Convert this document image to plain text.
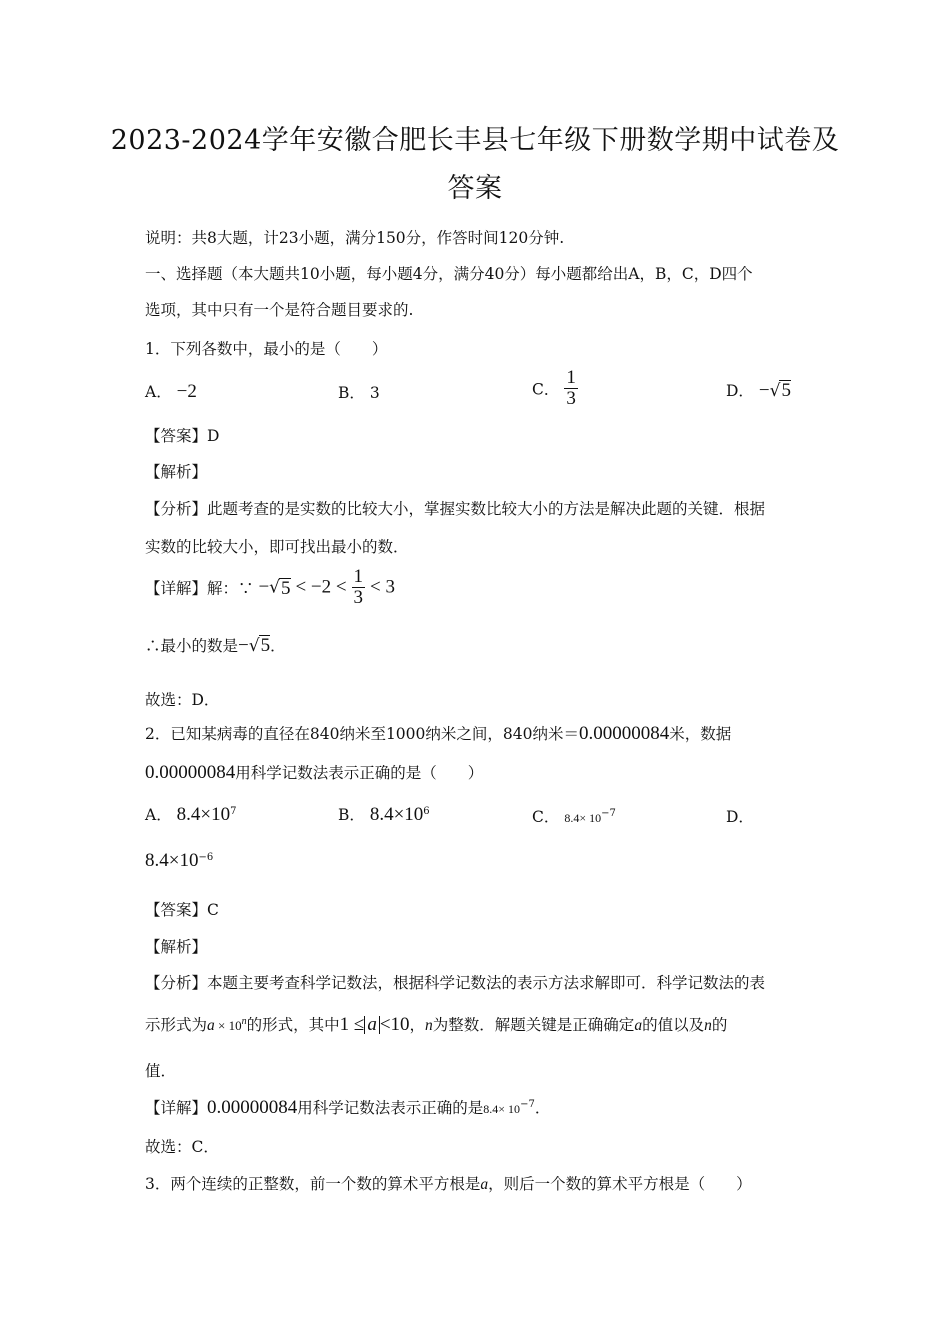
2023-2024学年安徽合肥长丰县七年级下册数学期中试卷及
答案
说明：共8大题，计23小题，满分150分，作答时间120分钟.
一、选择题（本大题共10小题，每小题4分，满分40分）每小题都给出A，B，C，D四个
选项，其中只有一个是符合题目要求的.
1．下列各数中，最小的是（　　）
A． −2	B． 3	C． $\frac{1}{3}$	D． −√5
【答案】D
【解析】
【分析】此题考查的是实数的比较大小，掌握实数比较大小的方法是解决此题的关键．根据
实数的比较大小，即可找出最小的数．
【详解】解：∵ $-√5 < -2 < \frac{1}{3} < 3$
∴最小的数是−√5．
故选：D．
2．已知某病毒的直径在840纳米至1000纳米之间，840纳米＝0.00000084米，数据
0.00000084用科学记数法表示正确的是（　　）
A． $8.4\times 10^7$	B． $8.4\times 10^6$	C． $8.4\times 10^{-7}$	D．
$8.4\times 10^{-6}$
【答案】C
【解析】
【分析】本题主要考查科学记数法，根据科学记数法的表示方法求解即可．科学记数法的表
示形式为$a \times 10^n$的形式，其中1 ≤ a <10，n为整数．解题关键是正确确定a的值以及n的
值．
【详解】0.00000084用科学记数法表示正确的是$8.4\times 10^{-7}$．
故选：C．
3．两个连续的正整数，前一个数的算术平方根是a，则后一个数的算术平方根是（　　）
